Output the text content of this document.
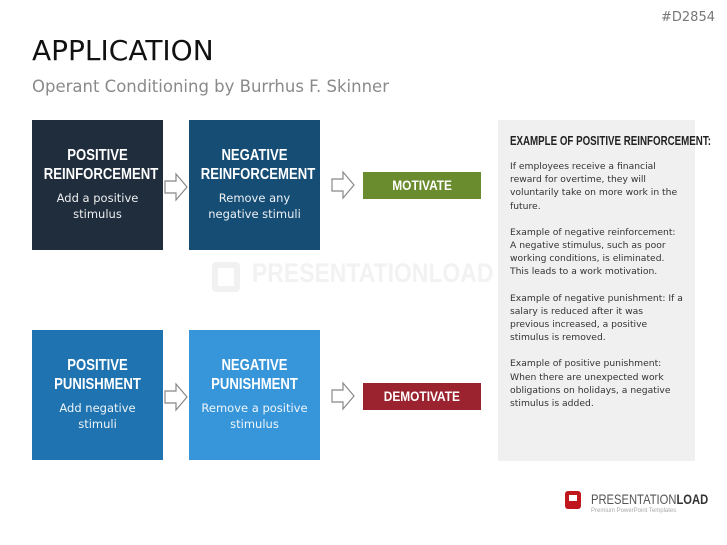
#D2854
APPLICATION
Operant Conditioning by Burrhus F. Skinner
PRESENTATIONLOAD
POSITIVE
REINFORCEMENT
Add a positive
stimulus
NEGATIVE
REINFORCEMENT
Remove any
negative stimuli
MOTIVATE
POSITIVE
PUNISHMENT
Add negative
stimuli
NEGATIVE
PUNISHMENT
Remove a positive
stimulus
DEMOTIVATE
EXAMPLE OF POSITIVE REINFORCEMENT:

If employees receive a financial reward for overtime, they will voluntarily take on more work in the future.

Example of negative reinforcement: A negative stimulus, such as poor working conditions, is eliminated. This leads to a work motivation.

Example of negative punishment: If a salary is reduced after it was previous increased, a positive stimulus is removed.

Example of positive punishment: When there are unexpected work obligations on holidays, a negative stimulus is added.

PRESENTATIONLOAD
Premium PowerPoint Templates
